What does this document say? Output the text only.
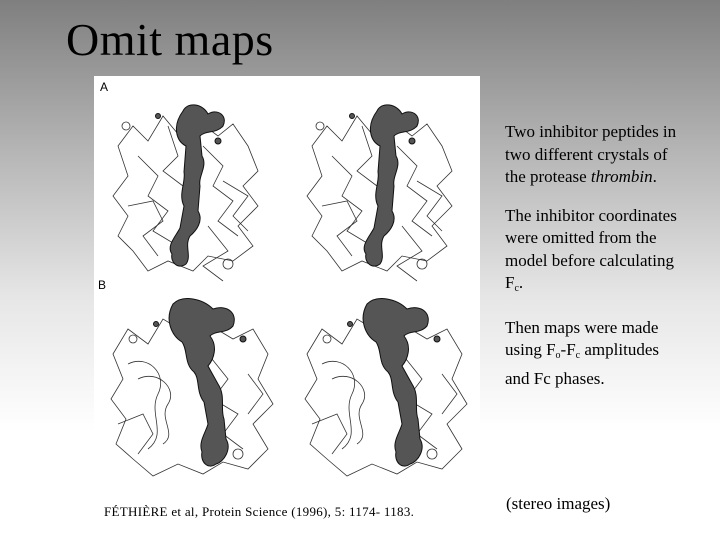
Omit maps
A
B
FÉTHIÈRE et al, Protein Science (1996), 5: 1174- 1183.

Two inhibitor peptides in two different crystals of the protease thrombin.

The inhibitor coordinates were omitted from the model before calculating $F_c$.

Then maps were made using $F_o-F_c$ amplitudes and Fc phases.

(stereo images)
